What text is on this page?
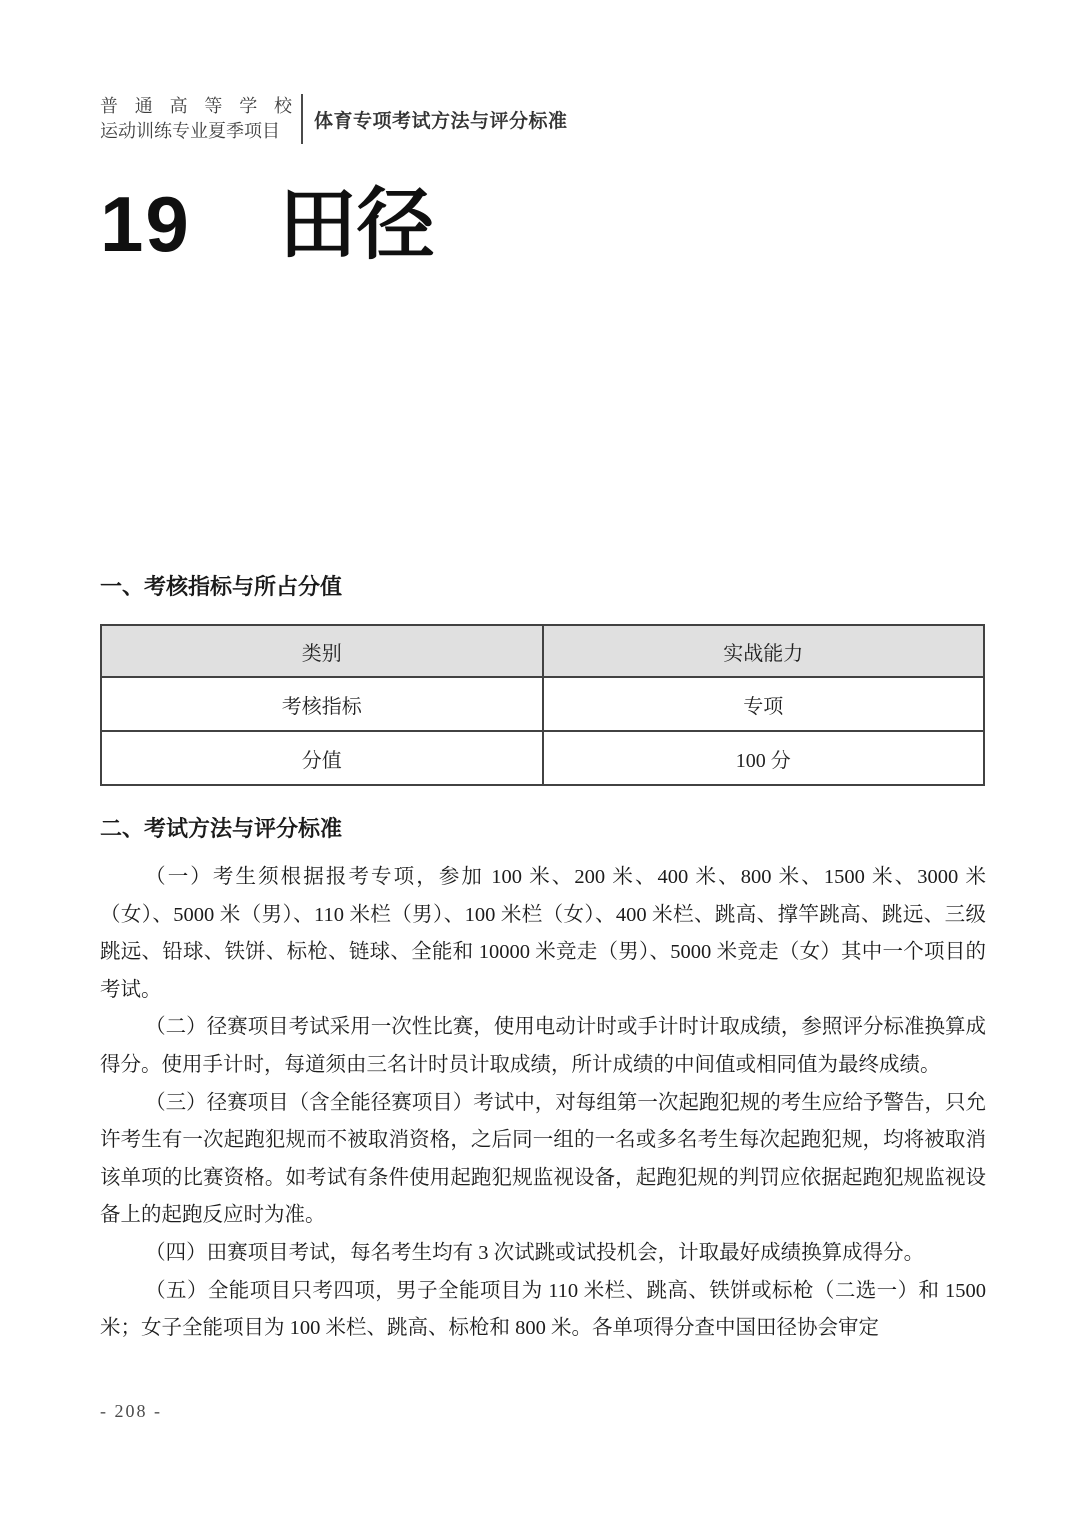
普 通 高 等 学 校
运动训练专业夏季项目	体育专项考试方法与评分标准
19 田径
一、考核指标与所占分值
类别	实战能力
考核指标	专项
分值	100 分
二、考试方法与评分标准

（一）考生须根据报考专项，参加 100 米、200 米、400 米、800 米、1500 米、3000 米（女）、5000 米（男）、110 米栏（男）、100 米栏（女）、400 米栏、跳高、撑竿跳高、跳远、三级跳远、铅球、铁饼、标枪、链球、全能和 10000 米竞走（男）、5000 米竞走（女）其中一个项目的考试。

（二）径赛项目考试采用一次性比赛，使用电动计时或手计时计取成绩，参照评分标准换算成得分。使用手计时，每道须由三名计时员计取成绩，所计成绩的中间值或相同值为最终成绩。

（三）径赛项目（含全能径赛项目）考试中，对每组第一次起跑犯规的考生应给予警告，只允许考生有一次起跑犯规而不被取消资格，之后同一组的一名或多名考生每次起跑犯规，均将被取消该单项的比赛资格。如考试有条件使用起跑犯规监视设备，起跑犯规的判罚应依据起跑犯规监视设备上的起跑反应时为准。

（四）田赛项目考试，每名考生均有 3 次试跳或试投机会，计取最好成绩换算成得分。

（五）全能项目只考四项，男子全能项目为 110 米栏、跳高、铁饼或标枪（二选一）和 1500 米；女子全能项目为 100 米栏、跳高、标枪和 800 米。各单项得分查中国田径协会审定

- 208 -
